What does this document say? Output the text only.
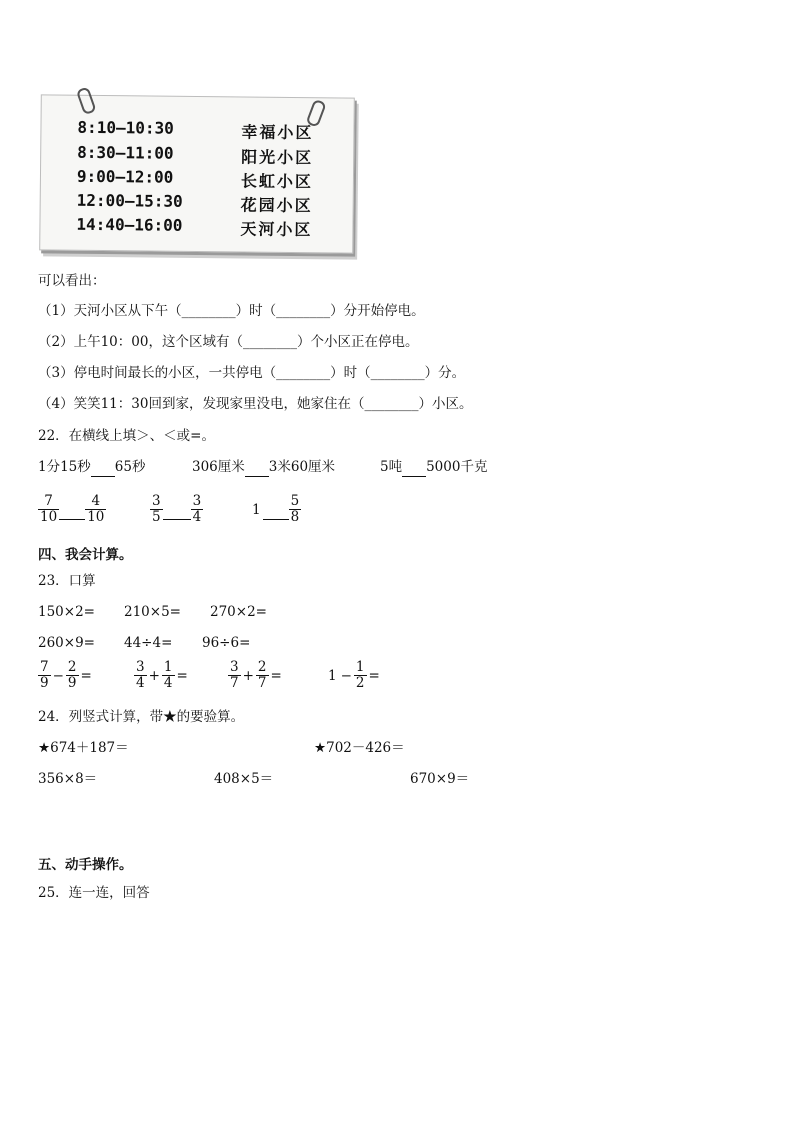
8:10—10:30	幸福小区
8:30—11:00	阳光小区
9:00—12:00	长虹小区
12:00—15:30	花园小区
14:40—16:00	天河小区
可以看出：
（1）天河小区从下午（________）时（________）分开始停电。
（2）上午10：00，这个区域有（________）个小区正在停电。
（3）停电时间最长的小区，一共停电（________）时（________）分。
（4）笑笑11：30回到家，发现家里没电，她家住在（________）小区。
22．在横线上填＞、＜或=。
1分15秒 65秒	306厘米 3米60厘米	5吨 5000千克
$\frac{7}{10}$
$\frac{4}{10}$	$\frac{3}{5}$
$\frac{3}{4}$	$1 \frac{5}{8}$
四、我会计算。
23．口算
150×2= 210×5= 270×2=
260×9= 44÷4= 96÷6=
$\frac{7}{9} - \frac{2}{9}$ =	$\frac{3}{4} + \frac{1}{4}$ =	$\frac{3}{7} + \frac{2}{7}$ =	$1 - \frac{1}{2}$ =
24．列竖式计算，带★的要验算。
★674＋187＝	★702－426＝
356×8＝	408×5＝	670×9＝
五、动手操作。
25．连一连，回答
